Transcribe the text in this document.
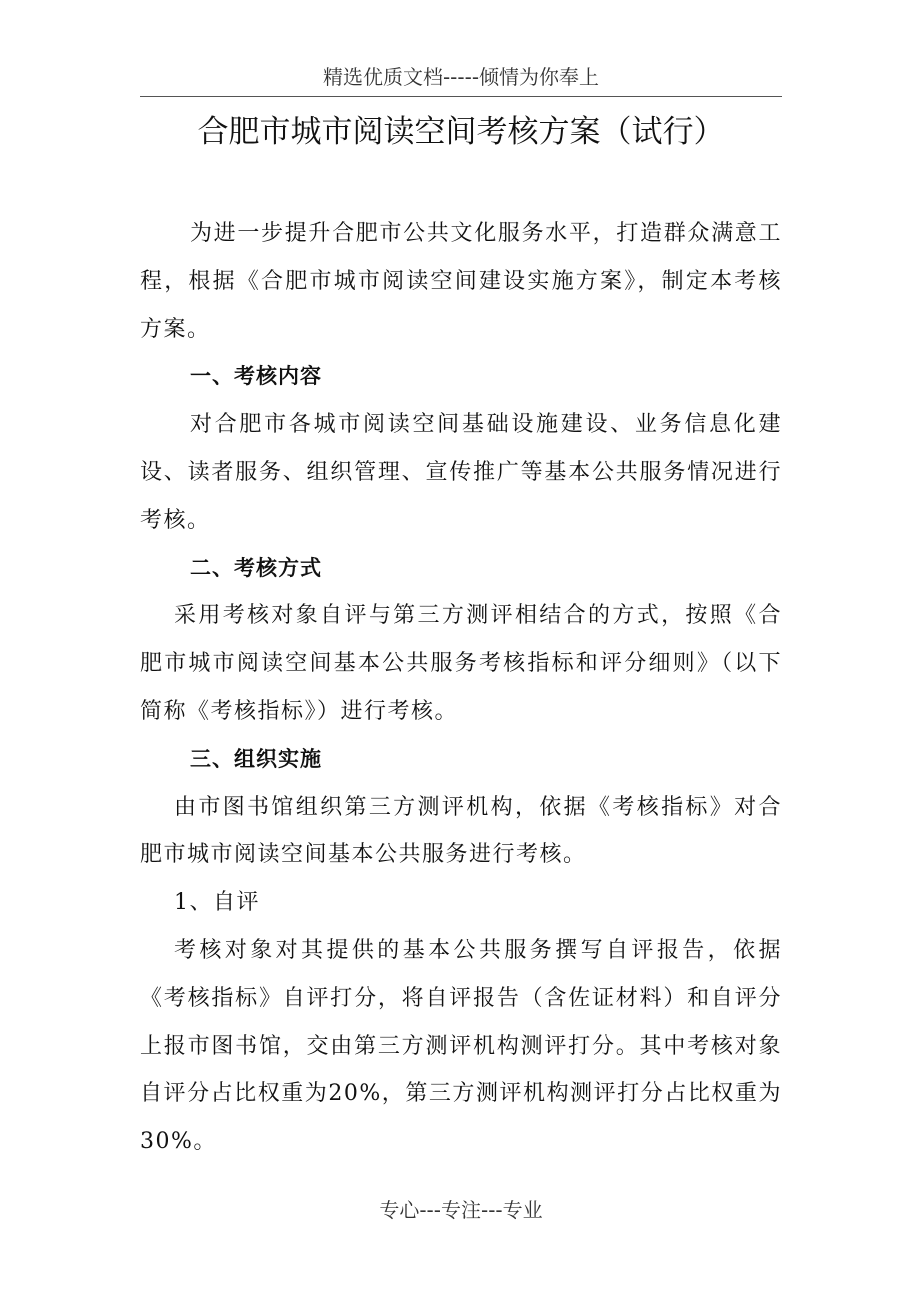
精选优质文档-----倾情为你奉上
合肥市城市阅读空间考核方案（试行）

为进一步提升合肥市公共文化服务水平，打造群众满意工程，根据《合肥市城市阅读空间建设实施方案》，制定本考核方案。

一、考核内容

对合肥市各城市阅读空间基础设施建设、业务信息化建设、读者服务、组织管理、宣传推广等基本公共服务情况进行考核。

二、考核方式

采用考核对象自评与第三方测评相结合的方式，按照《合肥市城市阅读空间基本公共服务考核指标和评分细则》（以下简称《考核指标》）进行考核。

三、组织实施

由市图书馆组织第三方测评机构，依据《考核指标》对合肥市城市阅读空间基本公共服务进行考核。

1、自评

考核对象对其提供的基本公共服务撰写自评报告，依据《考核指标》自评打分，将自评报告（含佐证材料）和自评分上报市图书馆，交由第三方测评机构测评打分。其中考核对象自评分占比权重为20%，第三方测评机构测评打分占比权重为30%。

专心---专注---专业
